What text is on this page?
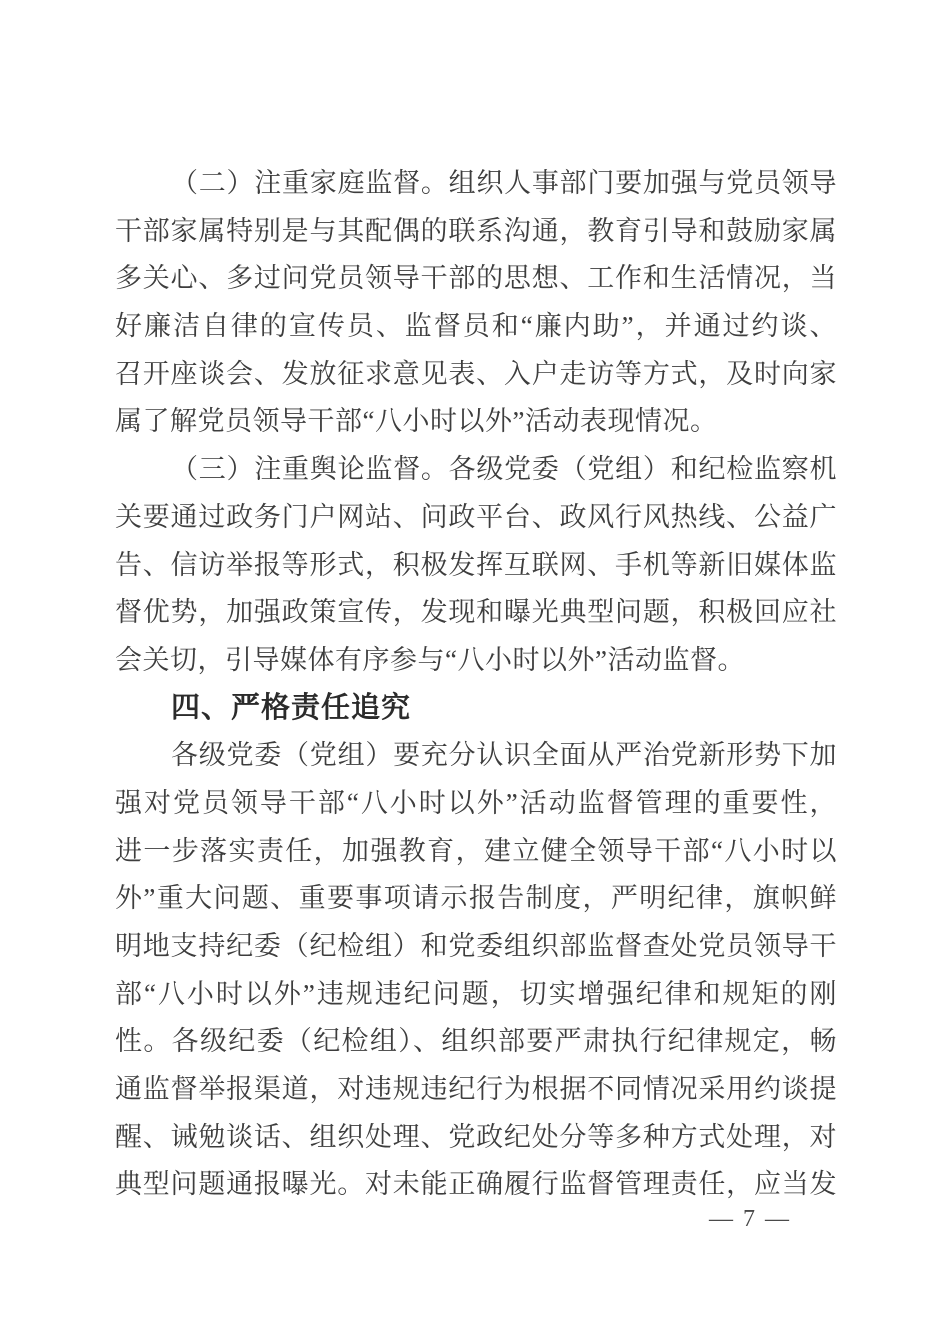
（二）注重家庭监督。组织人事部门要加强与党员领导
干部家属特别是与其配偶的联系沟通，教育引导和鼓励家属
多关心、多过问党员领导干部的思想、工作和生活情况，当
好廉洁自律的宣传员、监督员和“廉内助”，并通过约谈、
召开座谈会、发放征求意见表、入户走访等方式，及时向家
属了解党员领导干部“八小时以外”活动表现情况。
（三）注重舆论监督。各级党委（党组）和纪检监察机
关要通过政务门户网站、问政平台、政风行风热线、公益广
告、信访举报等形式，积极发挥互联网、手机等新旧媒体监
督优势，加强政策宣传，发现和曝光典型问题，积极回应社
会关切，引导媒体有序参与“八小时以外”活动监督。
四、严格责任追究
各级党委（党组）要充分认识全面从严治党新形势下加
强对党员领导干部“八小时以外”活动监督管理的重要性，
进一步落实责任，加强教育，建立健全领导干部“八小时以
外”重大问题、重要事项请示报告制度，严明纪律，旗帜鲜
明地支持纪委（纪检组）和党委组织部监督查处党员领导干
部“八小时以外”违规违纪问题，切实增强纪律和规矩的刚
性。各级纪委（纪检组）、组织部要严肃执行纪律规定，畅
通监督举报渠道，对违规违纪行为根据不同情况采用约谈提
醒、诫勉谈话、组织处理、党政纪处分等多种方式处理，对
典型问题通报曝光。对未能正确履行监督管理责任，应当发
— 7 —
